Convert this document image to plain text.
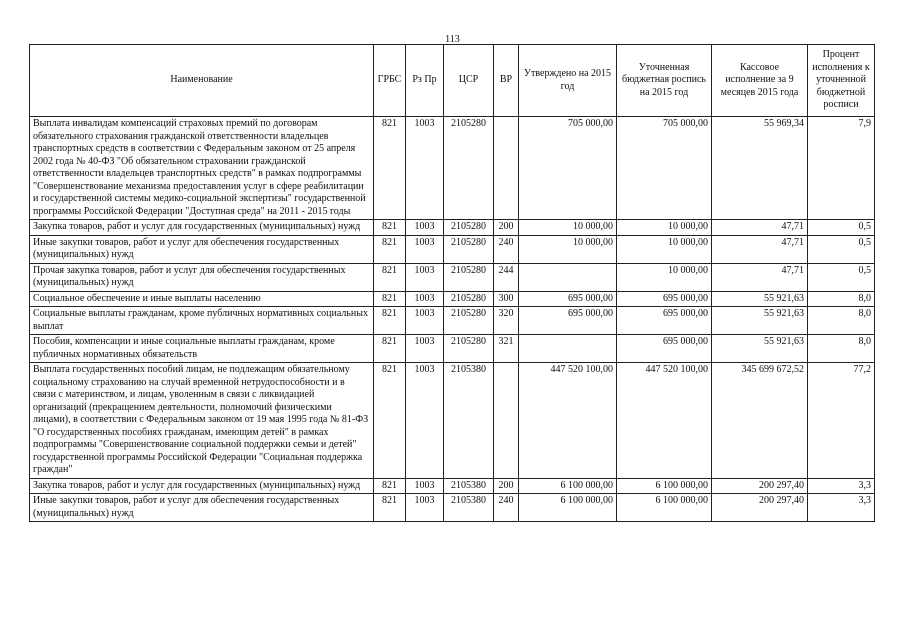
113
Наименование	ГРБС	Рз Пр	ЦСР	ВР	Утверждено на 2015 год	Уточненная бюджетная роспись на 2015 год	Кассовое исполнение за 9 месяцев 2015 года	Процент исполнения к уточненной бюджетной росписи
Выплата инвалидам компенсаций страховых премий по договорам обязательного страхования гражданской ответственности владельцев транспортных средств в соответствии с Федеральным законом от 25 апреля 2002 года № 40-ФЗ "Об обязательном страховании гражданской ответственности владельцев транспортных средств" в рамках подпрограммы "Совершенствование механизма предоставления услуг в сфере реабилитации и государственной системы медико-социальной экспертизы" государственной программы Российской Федерации "Доступная среда" на 2011 - 2015 годы	821	1003	2105280		705 000,00	705 000,00	55 969,34	7,9
Закупка товаров, работ и услуг для государственных (муниципальных) нужд	821	1003	2105280	200	10 000,00	10 000,00	47,71	0,5
Иные закупки товаров, работ и услуг для обеспечения государственных (муниципальных) нужд	821	1003	2105280	240	10 000,00	10 000,00	47,71	0,5
Прочая закупка товаров, работ и услуг для обеспечения государственных (муниципальных) нужд	821	1003	2105280	244		10 000,00	47,71	0,5
Социальное обеспечение и иные выплаты населению	821	1003	2105280	300	695 000,00	695 000,00	55 921,63	8,0
Социальные выплаты гражданам, кроме публичных нормативных социальных выплат	821	1003	2105280	320	695 000,00	695 000,00	55 921,63	8,0
Пособия, компенсации и иные социальные выплаты гражданам, кроме публичных нормативных обязательств	821	1003	2105280	321		695 000,00	55 921,63	8,0
Выплата государственных пособий лицам, не подлежащим обязательному социальному страхованию на случай временной нетрудоспособности и в связи с материнством, и лицам, уволенным в связи с ликвидацией организаций (прекращением деятельности, полномочий физическими лицами), в соответствии с Федеральным законом от 19 мая 1995 года № 81-ФЗ "О государственных пособиях гражданам, имеющим детей" в рамках подпрограммы "Совершенствование социальной поддержки семьи и детей" государственной программы Российской Федерации "Социальная поддержка граждан"	821	1003	2105380		447 520 100,00	447 520 100,00	345 699 672,52	77,2
Закупка товаров, работ и услуг для государственных (муниципальных) нужд	821	1003	2105380	200	6 100 000,00	6 100 000,00	200 297,40	3,3
Иные закупки товаров, работ и услуг для обеспечения государственных (муниципальных) нужд	821	1003	2105380	240	6 100 000,00	6 100 000,00	200 297,40	3,3
